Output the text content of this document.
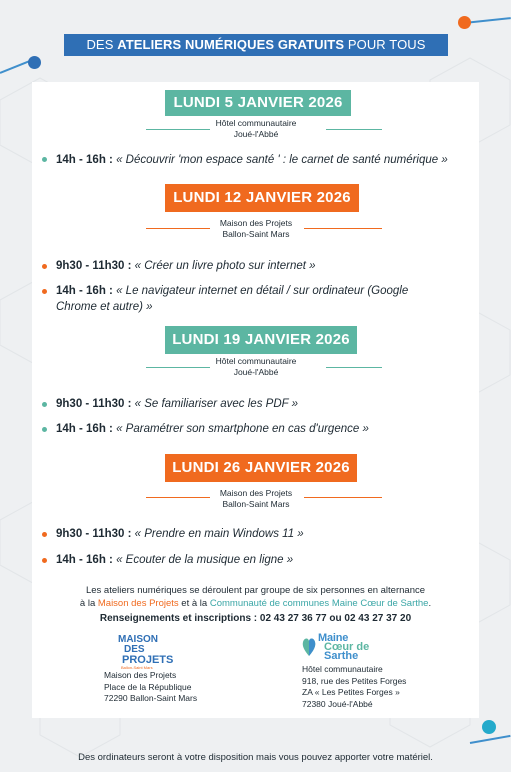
DES ATELIERS NUMÉRIQUES GRATUITS POUR TOUS
LUNDI 5 JANVIER 2026
Hôtel communautaire
Joué-l'Abbé
14h - 16h : « Découvrir 'mon espace santé ' : le carnet de santé numérique »
LUNDI 12 JANVIER 2026
Maison des Projets
Ballon-Saint Mars
9h30 - 11h30 : « Créer un livre photo sur internet »
14h - 16h : « Le navigateur internet en détail / sur ordinateur (Google
Chrome et autre) »
LUNDI 19 JANVIER 2026
Hôtel communautaire
Joué-l'Abbé
9h30 - 11h30 : « Se familiariser avec les PDF »
14h - 16h : « Paramétrer son smartphone en cas d'urgence »
LUNDI 26 JANVIER 2026
Maison des Projets
Ballon-Saint Mars
9h30 - 11h30 : « Prendre en main Windows 11 »
14h - 16h : « Ecouter de la musique en ligne »
Les ateliers numériques se déroulent par groupe de six personnes en alternance
à la Maison des Projets et à la Communauté de communes Maine Cœur de Sarthe.
Renseignements et inscriptions : 02 43 27 36 77 ou 02 43 27 37 20
MAISON
DES
PROJETS
Ballon-Saint Mars
Maison des Projets
Place de la République
72290 Ballon-Saint Mars
Maine
Cœur de
Sarthe
Hôtel communautaire
918, rue des Petites Forges
ZA « Les Petites Forges »
72380 Joué-l'Abbé
Des ordinateurs seront à votre disposition mais vous pouvez apporter votre matériel.
